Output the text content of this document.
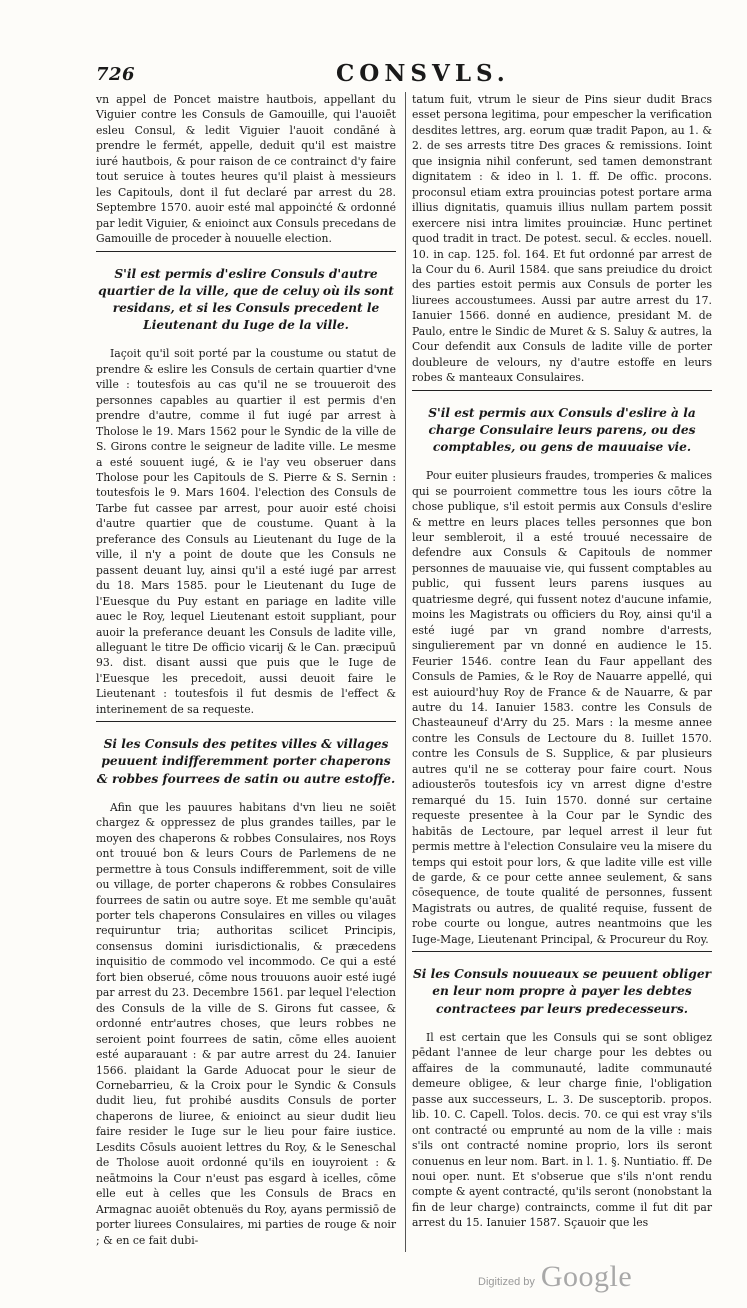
726	CONSVLS.

vn appel de Poncet maistre hautbois, appellant du Viguier contre les Consuls de Gamouille, qui l'auoiēt esleu Consul, & ledit Viguier l'auoit condāné à prendre le fermét, appelle, deduit qu'il est maistre iuré hautbois, & pour raison de ce contrainct d'y faire tout seruice à toutes heures qu'il plaist à messieurs les Capitouls, dont il fut declaré par arrest du 28. Septembre 1570. auoir esté mal appoinċté & ordonné par ledit Viguier, & enioinct aux Consuls precedans de Gamouille de proceder à nouuelle election.

S'il est permis d'eslire Consuls d'autre quartier de la ville, que de celuy où ils sont residans, et si les Consuls precedent le Lieutenant du Iuge de la ville.

Iaçoit qu'il soit porté par la coustume ou statut de prendre & eslire les Consuls de certain quartier d'vne ville : toutesfois au cas qu'il ne se trouueroit des personnes capables au quartier il est permis d'en prendre d'autre, comme il fut iugé par arrest à Tholose le 19. Mars 1562 pour le Syndic de la ville de S. Girons contre le seigneur de ladite ville. Le mesme a esté souuent iugé, & ie l'ay veu obseruer dans Tholose pour les Capitouls de S. Pierre & S. Sernin : toutesfois le 9. Mars 1604. l'election des Consuls de Tarbe fut cassee par arrest, pour auoir esté choisi d'autre quartier que de coustume. Quant à la preferance des Consuls au Lieutenant du Iuge de la ville, il n'y a point de doute que les Consuls ne passent deuant luy, ainsi qu'il a esté iugé par arrest du 18. Mars 1585. pour le Lieutenant du Iuge de l'Euesque du Puy estant en pariage en ladite ville auec le Roy, lequel Lieutenant estoit suppliant, pour auoir la preferance deuant les Consuls de ladite ville, alleguant le titre De officio vicarij & le Can. præcipuū 93. dist. disant aussi que puis que le Iuge de l'Euesque les precedoit, aussi deuoit faire le Lieutenant : toutesfois il fut desmis de l'effect & interinement de sa requeste.

Si les Consuls des petites villes & villages peuuent indifferemment porter chaperons & robbes fourrees de satin ou autre estoffe.

Afin que les pauures habitans d'vn lieu ne soiēt chargez & oppressez de plus grandes tailles, par le moyen des chaperons & robbes Consulaires, nos Roys ont trouué bon & leurs Cours de Parlemens de ne permettre à tous Consuls indifferemment, soit de ville ou village, de porter chaperons & robbes Consulaires fourrees de satin ou autre soye. Et me semble qu'auāt porter tels chaperons Consulaires en villes ou vilages requiruntur tria; authoritas scilicet Principis, consensus domini iurisdictionalis, & præcedens inquisitio de commodo vel incommodo. Ce qui a esté fort bien obserué, cōme nous trouuons auoir esté iugé par arrest du 23. Decembre 1561. par lequel l'election des Consuls de la ville de S. Girons fut cassee, & ordonné entr'autres choses, que leurs robbes ne seroient point fourrees de satin, cōme elles auoient esté auparauant : & par autre arrest du 24. Ianuier 1566. plaidant la Garde Aduocat pour le sieur de Cornebarrieu, & la Croix pour le Syndic & Consuls dudit lieu, fut prohibé ausdits Consuls de porter chaperons de liuree, & enioinct au sieur dudit lieu faire resider le Iuge sur le lieu pour faire iustice. Lesdits Cōsuls auoient lettres du Roy, & le Seneschal de Tholose auoit ordonné qu'ils en iouyroient : & neātmoins la Cour n'eust pas esgard à icelles, cōme elle eut à celles que les Consuls de Bracs en Armagnac auoiēt obtenuës du Roy, ayans permissiō de porter liurees Consulaires, mi parties de rouge & noir ; & en ce fait dubi-

tatum fuit, vtrum le sieur de Pins sieur dudit Bracs esset persona legitima, pour empescher la verification desdites lettres, arg. eorum quæ tradit Papon, au 1. & 2. de ses arrests titre Des graces & remissions. Ioint que insignia nihil conferunt, sed tamen demonstrant dignitatem : & ideo in l. 1. ff. De offic. procons. proconsul etiam extra prouincias potest portare arma illius dignitatis, quamuis illius nullam partem possit exercere nisi intra limites prouinciæ. Hunc pertinet quod tradit in tract. De potest. secul. & eccles. nouell. 10. in cap. 125. fol. 164. Et fut ordonné par arrest de la Cour du 6. Auril 1584. que sans preiudice du droict des parties estoit permis aux Consuls de porter les liurees accoustumees. Aussi par autre arrest du 17. Ianuier 1566. donné en audience, presidant M. de Paulo, entre le Sindic de Muret & S. Saluy & autres, la Cour defendit aux Consuls de ladite ville de porter doubleure de velours, ny d'autre estoffe en leurs robes & manteaux Consulaires.

S'il est permis aux Consuls d'eslire à la charge Consulaire leurs parens, ou des comptables, ou gens de mauuaise vie.

Pour euiter plusieurs fraudes, tromperies & malices qui se pourroient commettre tous les iours cōtre la chose publique, s'il estoit permis aux Consuls d'eslire & mettre en leurs places telles personnes que bon leur sembleroit, il a esté trouué necessaire de defendre aux Consuls & Capitouls de nommer personnes de mauuaise vie, qui fussent comptables au public, qui fussent leurs parens iusques au quatriesme degré, qui fussent notez d'aucune infamie, moins les Magistrats ou officiers du Roy, ainsi qu'il a esté iugé par vn grand nombre d'arrests, singulierement par vn donné en audience le 15. Feurier 1546. contre Iean du Faur appellant des Consuls de Pamies, & le Roy de Nauarre appellé, qui est auiourd'huy Roy de France & de Nauarre, & par autre du 14. Ianuier 1583. contre les Consuls de Chasteauneuf d'Arry du 25. Mars : la mesme annee contre les Consuls de Lectoure du 8. Iuillet 1570. contre les Consuls de S. Supplice, & par plusieurs autres qu'il ne se cotteray pour faire court. Nous adiousterōs toutesfois icy vn arrest digne d'estre remarqué du 15. Iuin 1570. donné sur certaine requeste presentee à la Cour par le Syndic des habitās de Lectoure, par lequel arrest il leur fut permis mettre à l'election Consulaire veu la misere du temps qui estoit pour lors, & que ladite ville est ville de garde, & ce pour cette annee seulement, & sans cōsequence, de toute qualité de personnes, fussent Magistrats ou autres, de qualité requise, fussent de robe courte ou longue, autres neantmoins que les Iuge-Mage, Lieutenant Principal, & Procureur du Roy.

Si les Consuls nouueaux se peuuent obliger en leur nom propre à payer les debtes contractees par leurs predecesseurs.

Il est certain que les Consuls qui se sont obligez pēdant l'annee de leur charge pour les debtes ou affaires de la communauté, ladite communauté demeure obligee, & leur charge finie, l'obligation passe aux successeurs, L. 3. De susceptorib. propos. lib. 10. C. Capell. Tolos. decis. 70. ce qui est vray s'ils ont contracté ou emprunté au nom de la ville : mais s'ils ont contracté nomine proprio, lors ils seront conuenus en leur nom. Bart. in l. 1. §. Nuntiatio. ff. De noui oper. nunt. Et s'obserue que s'ils n'ont rendu compte & ayent contracté, qu'ils seront (nonobstant la fin de leur charge) contraincts, comme il fut dit par arrest du 15. Ianuier 1587. Sçauoir que les

Digitized by Google
